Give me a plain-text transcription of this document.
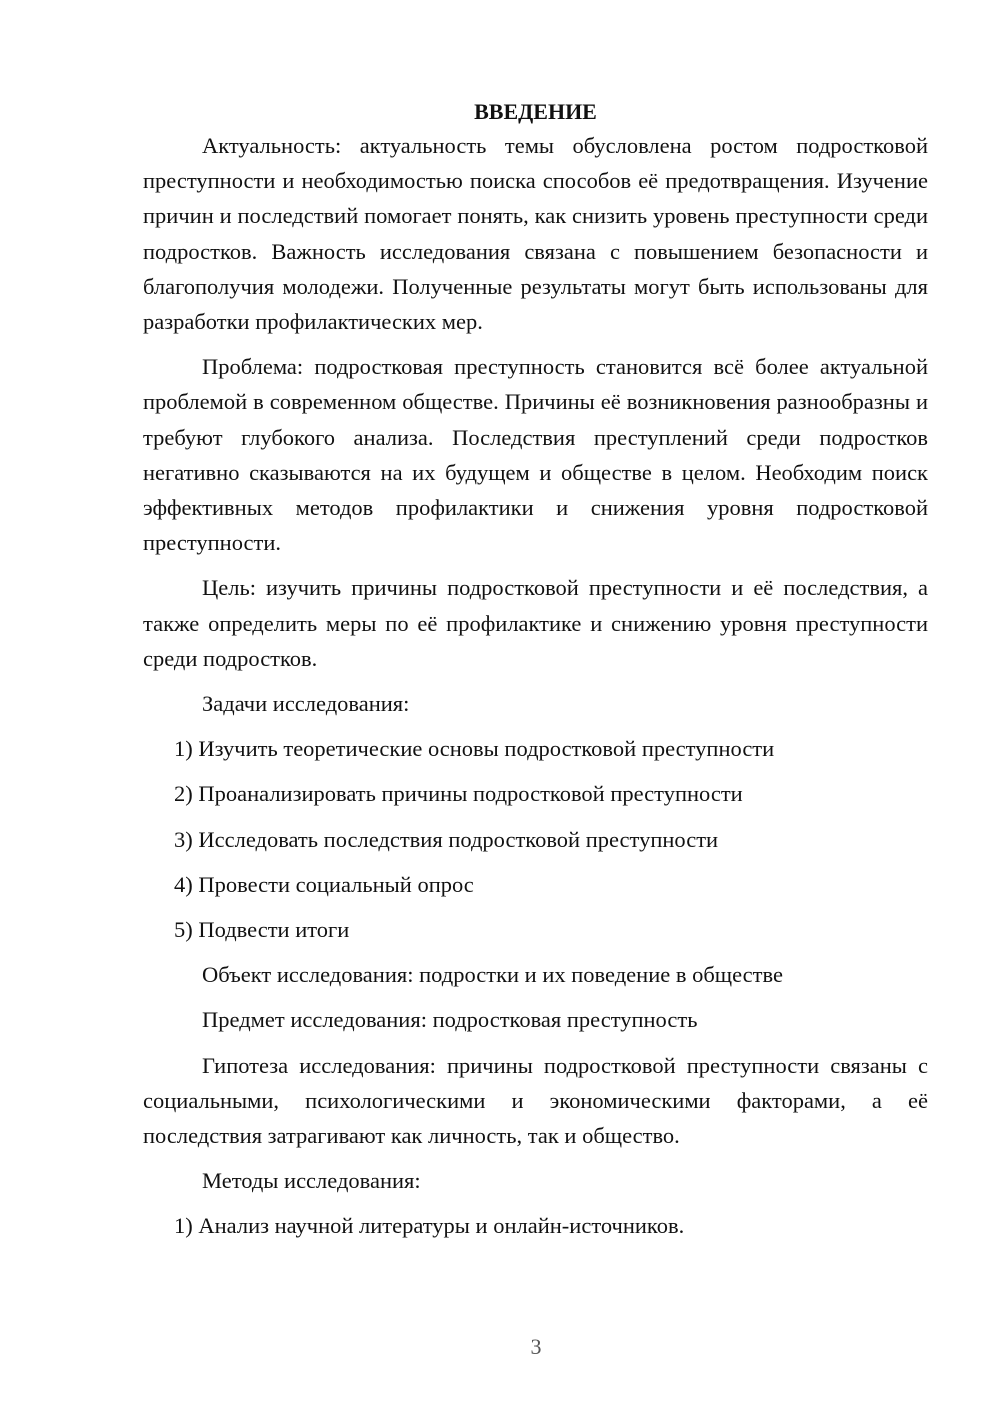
ВВЕДЕНИЕ

Актуальность: актуальность темы обусловлена ростом подростковой преступности и необходимостью поиска способов её предотвращения. Изучение причин и последствий помогает понять, как снизить уровень преступности среди подростков. Важность исследования связана с повышением безопасности и благополучия молодежи. Полученные результаты могут быть использованы для разработки профилактических мер.

Проблема: подростковая преступность становится всё более актуальной проблемой в современном обществе. Причины её возникновения разнообразны и требуют глубокого анализа. Последствия преступлений среди подростков негативно сказываются на их будущем и обществе в целом. Необходим поиск эффективных методов профилактики и снижения уровня подростковой преступности.

Цель: изучить причины подростковой преступности и её последствия, а также определить меры по её профилактике и снижению уровня преступности среди подростков.

Задачи исследования:

1) Изучить теоретические основы подростковой преступности

2) Проанализировать причины подростковой преступности

3) Исследовать последствия подростковой преступности

4) Провести социальный опрос

5) Подвести итоги

Объект исследования: подростки и их поведение в обществе

Предмет исследования: подростковая преступность

Гипотеза исследования: причины подростковой преступности связаны с социальными, психологическими и экономическими факторами, а её последствия затрагивают как личность, так и общество.

Методы исследования:

1) Анализ научной литературы и онлайн-источников.

3
